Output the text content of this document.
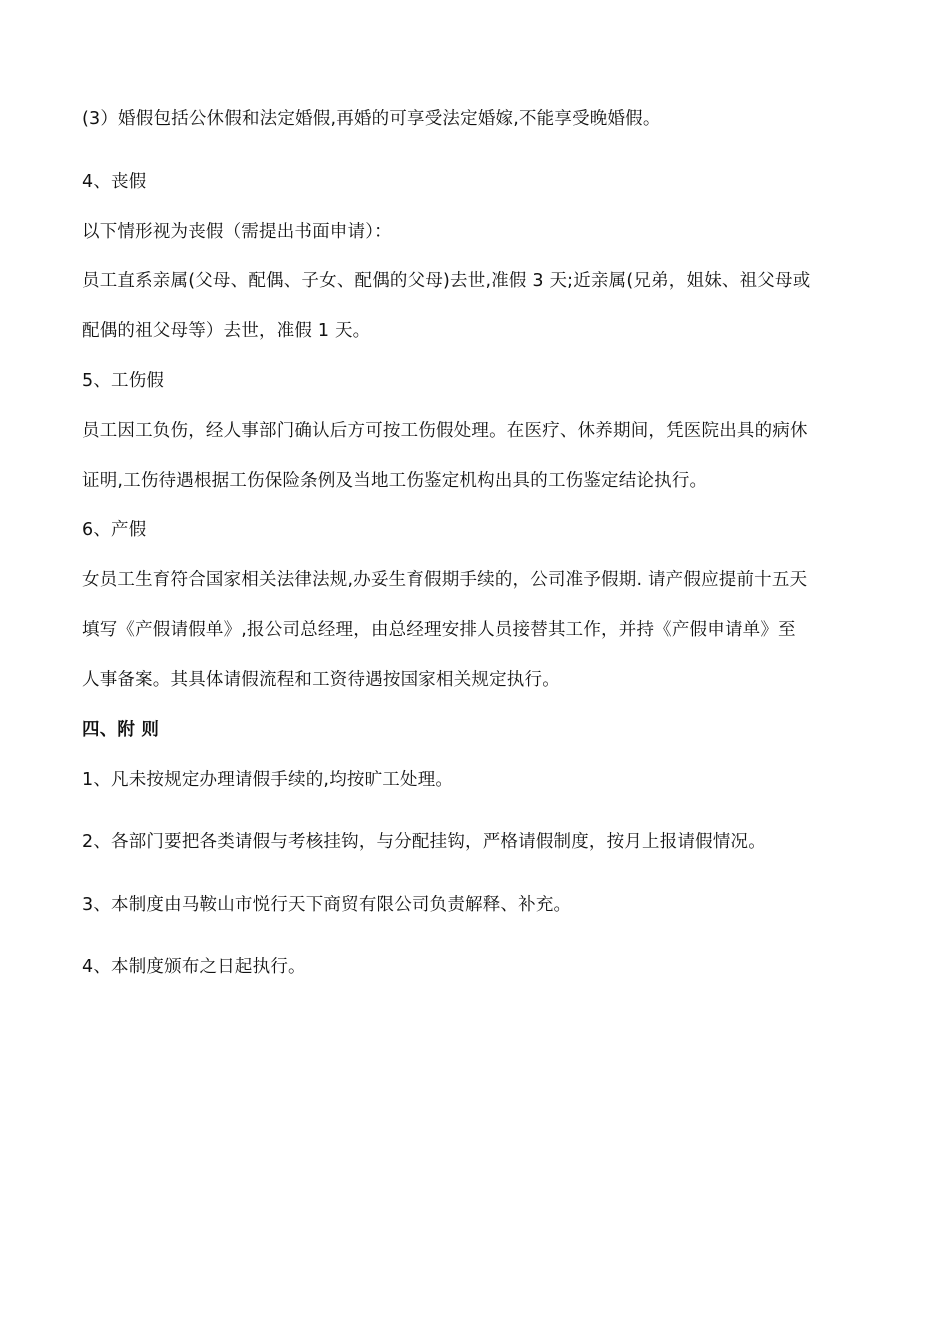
(3）婚假包括公休假和法定婚假,再婚的可享受法定婚嫁,不能享受晚婚假。
4、丧假
以下情形视为丧假（需提出书面申请）：
员工直系亲属(父母、配偶、子女、配偶的父母)去世,准假 3 天;近亲属(兄弟，姐妹、祖父母或
配偶的祖父母等）去世，准假 1 天。
5、工伤假
员工因工负伤，经人事部门确认后方可按工伤假处理。在医疗、休养期间，凭医院出具的病休
证明,工伤待遇根据工伤保险条例及当地工伤鉴定机构出具的工伤鉴定结论执行。
6、产假
女员工生育符合国家相关法律法规,办妥生育假期手续的，公司准予假期. 请产假应提前十五天
填写《产假请假单》,报公司总经理，由总经理安排人员接替其工作，并持《产假申请单》至
人事备案。其具体请假流程和工资待遇按国家相关规定执行。
四、附 则
1、凡未按规定办理请假手续的,均按旷工处理。
2、各部门要把各类请假与考核挂钩，与分配挂钩，严格请假制度，按月上报请假情况。
3、本制度由马鞍山市悦行天下商贸有限公司负责解释、补充。
4、本制度颁布之日起执行。
